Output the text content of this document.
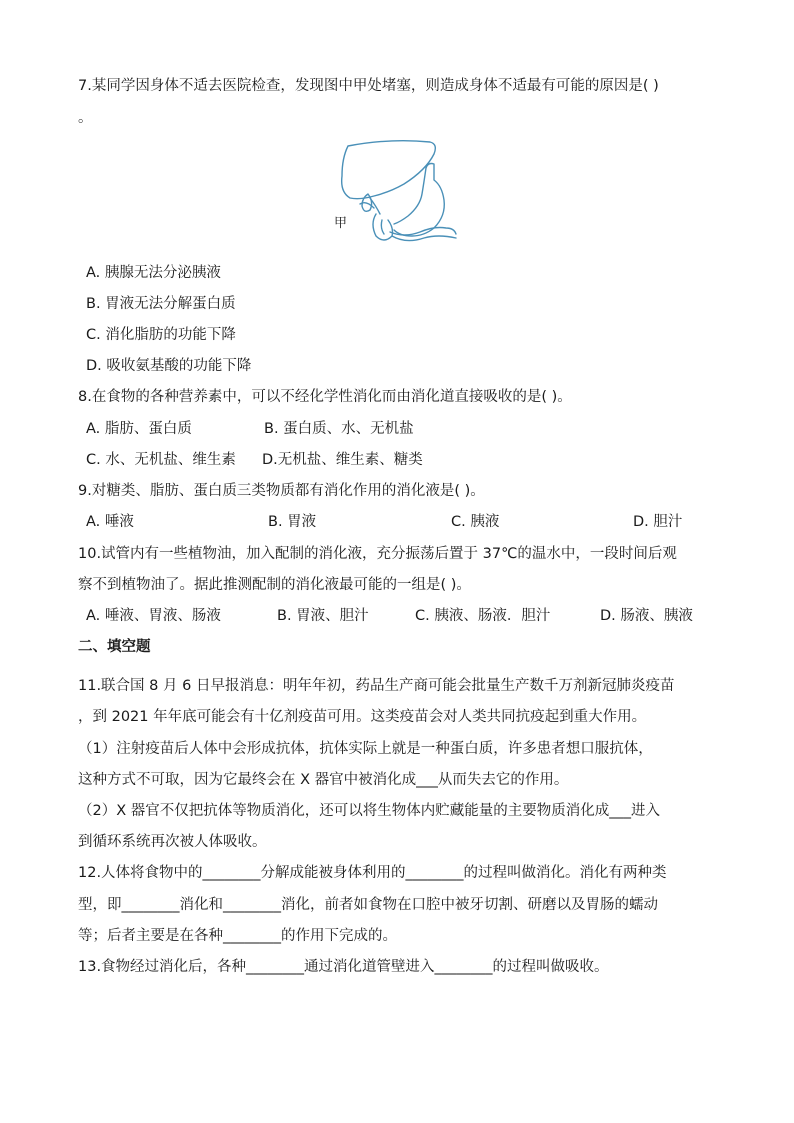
7.某同学因身体不适去医院检查，发现图中甲处堵塞，则造成身体不适最有可能的原因是( )
。
甲
A. 胰腺无法分泌胰液
B. 胃液无法分解蛋白质
C. 消化脂肪的功能下降
D. 吸收氨基酸的功能下降
8.在食物的各种营养素中，可以不经化学性消化而由消化道直接吸收的是( )。
A. 脂肪、蛋白质	B. 蛋白质、水、无机盐
C. 水、无机盐、维生素 D.无机盐、维生素、糖类
9.对糖类、脂肪、蛋白质三类物质都有消化作用的消化液是( )。
A. 唾液	B. 胃液	C. 胰液	D. 胆汁
10.试管内有一些植物油，加入配制的消化液，充分振荡后置于 37℃的温水中，一段时间后观
察不到植物油了。据此推测配制的消化液最可能的一组是( )。
A. 唾液、胃液、肠液	B. 胃液、胆汁	C. 胰液、肠液．胆汁	D. 肠液、胰液
二、填空题
11.联合国 8 月 6 日早报消息：明年年初，药品生产商可能会批量生产数千万剂新冠肺炎疫苗
，到 2021 年年底可能会有十亿剂疫苗可用。这类疫苗会对人类共同抗疫起到重大作用。
（1）注射疫苗后人体中会形成抗体，抗体实际上就是一种蛋白质，许多患者想口服抗体，
这种方式不可取，因为它最终会在 X 器官中被消化成___从而失去它的作用。
（2）X 器官不仅把抗体等物质消化，还可以将生物体内贮藏能量的主要物质消化成___进入
到循环系统再次被人体吸收。
12.人体将食物中的________分解成能被身体利用的________的过程叫做消化。消化有两种类
型，即________消化和________消化，前者如食物在口腔中被牙切割、研磨以及胃肠的蠕动
等；后者主要是在各种________的作用下完成的。
13.食物经过消化后，各种________通过消化道管壁进入________的过程叫做吸收。
